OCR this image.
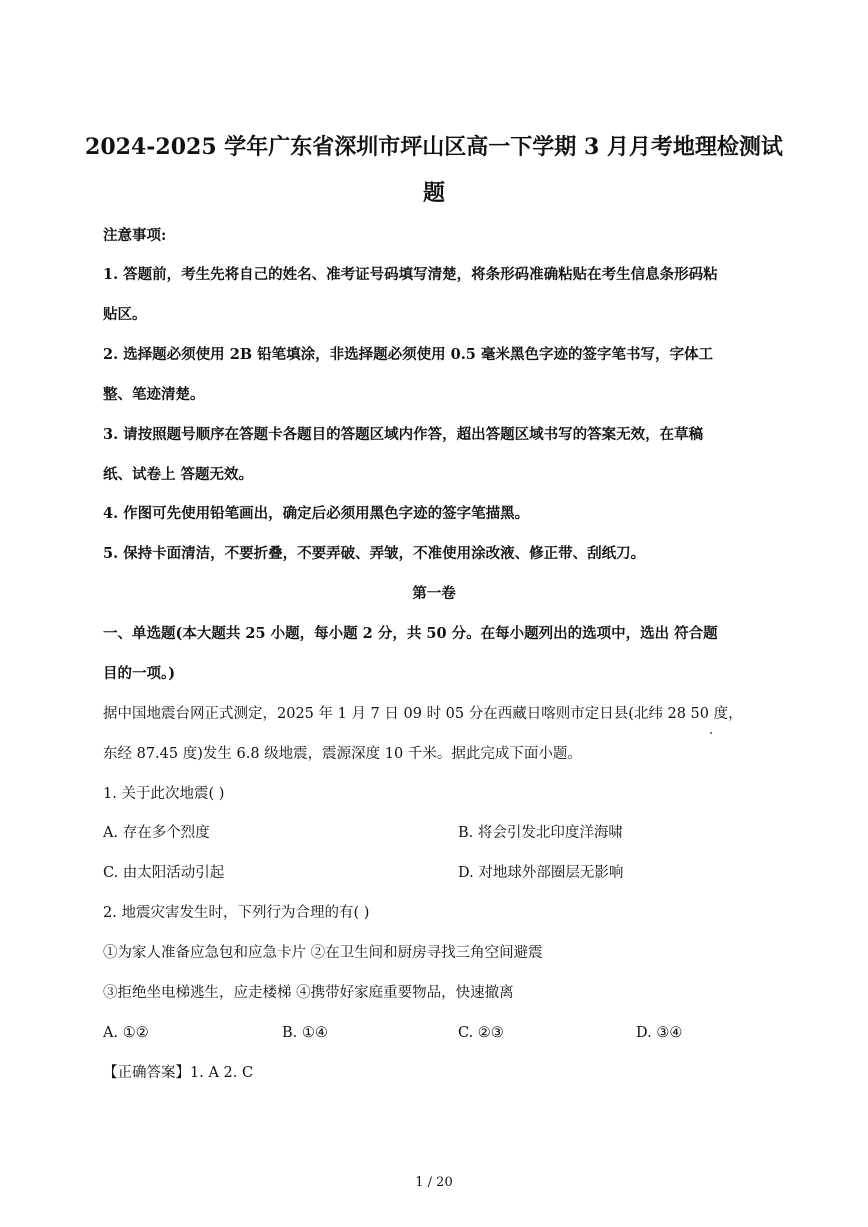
2024-2025 学年广东省深圳市坪山区高一下学期 3 月月考地理检测试
题
注意事项:
1. 答题前，考生先将自己的姓名、准考证号码填写清楚，将条形码准确粘贴在考生信息条形码粘
贴区。
2. 选择题必须使用 2B 铅笔填涂，非选择题必须使用 0.5 毫米黑色字迹的签字笔书写，字体工
整、笔迹清楚。
3. 请按照题号顺序在答题卡各题目的答题区域内作答，超出答题区域书写的答案无效，在草稿
纸、试卷上 答题无效。
4. 作图可先使用铅笔画出，确定后必须用黑色字迹的签字笔描黑。
5. 保持卡面清洁，不要折叠，不要弄破、弄皱，不准使用涂改液、修正带、刮纸刀。
第一卷
一、单选题(本大题共 25 小题，每小题 2 分，共 50 分。在每小题列出的选项中，选出 符合题
目的一项。)
据中国地震台网正式测定，2025 年 1 月 7 日 09 时 05 分在西藏日喀则市定日县(北纬 28 50 度，
东经 87.45 度)发生 6.8 级地震，震源深度 10 千米。据此完成下面小题。
1. 关于此次地震( )
A. 存在多个烈度	B. 将会引发北印度洋海啸
C. 由太阳活动引起	D. 对地球外部圈层无影响
2. 地震灾害发生时，下列行为合理的有( )
①为家人准备应急包和应急卡片 ②在卫生间和厨房寻找三角空间避震
③拒绝坐电梯逃生，应走楼梯 ④携带好家庭重要物品，快速撤离
A. ①②	B. ①④	C. ②③	D. ③④
【正确答案】1. A 2. C
1 / 20
